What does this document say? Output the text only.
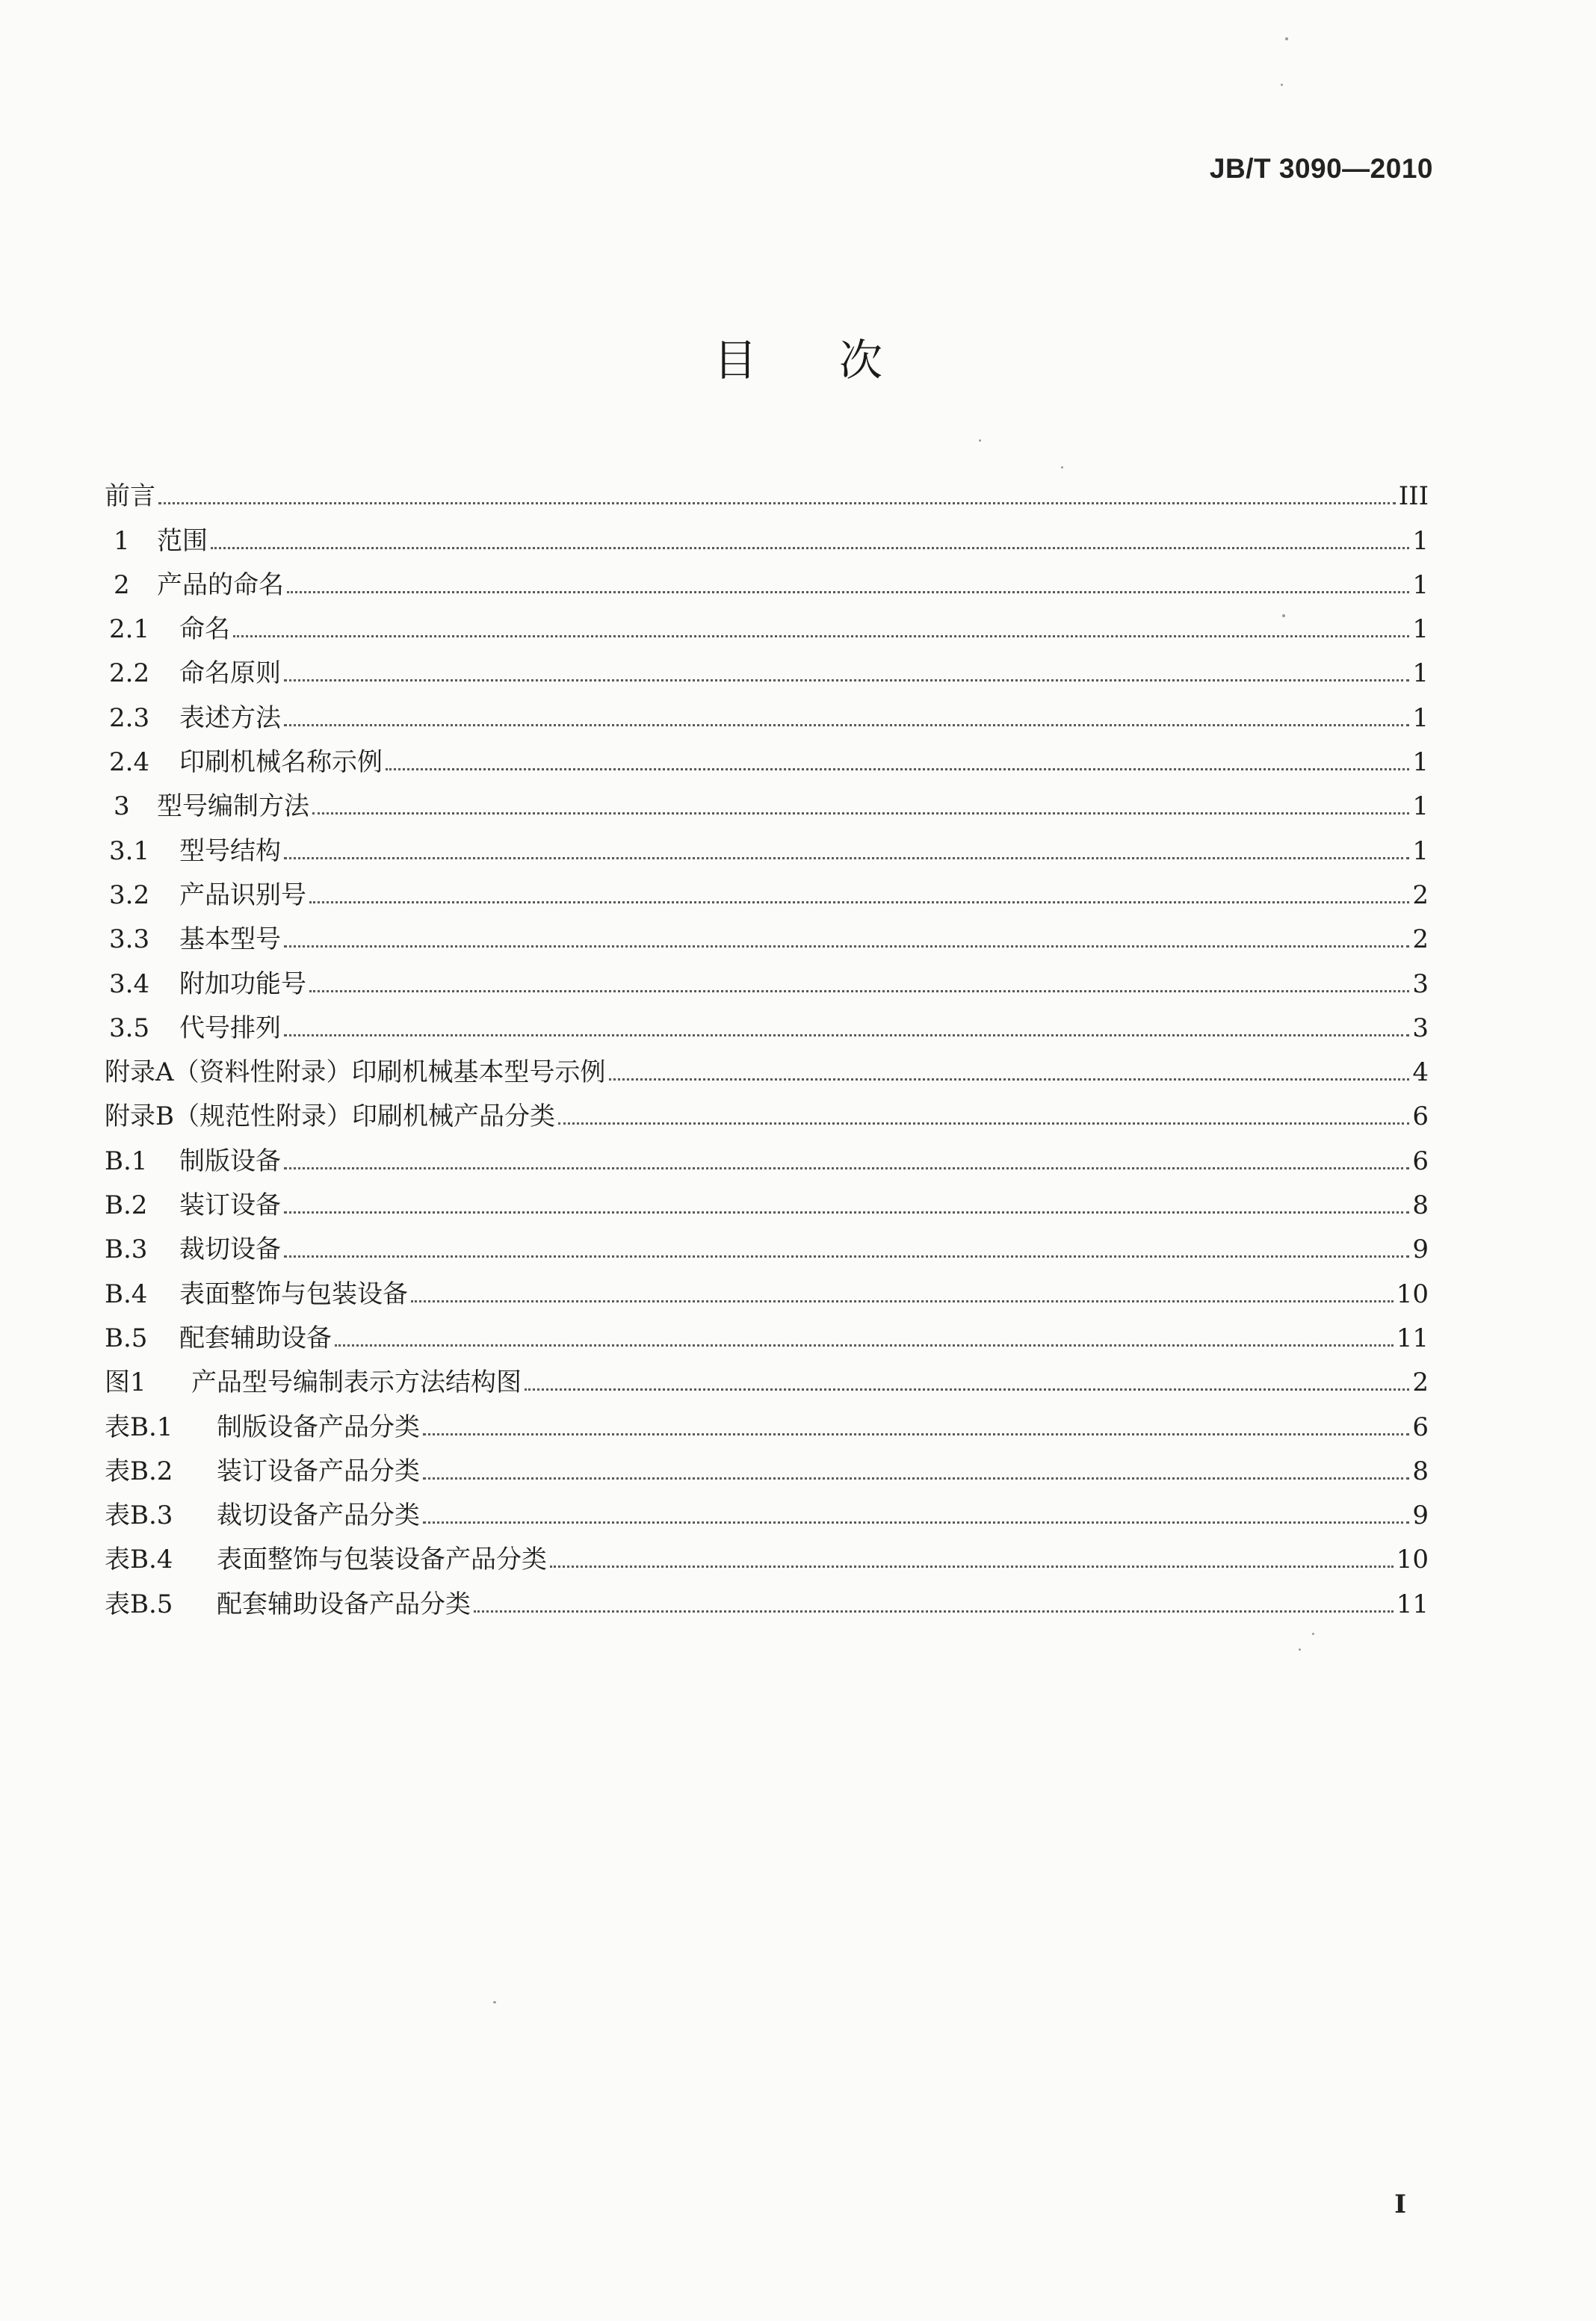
JB/T 3090—2010
目次
前言	III
1	范围	1
2	产品的命名	1
2.1	命名	1
2.2	命名原则	1
2.3	表述方法	1
2.4	印刷机械名称示例	1
3	型号编制方法	1
3.1	型号结构	1
3.2	产品识别号	2
3.3	基本型号	2
3.4	附加功能号	3
3.5	代号排列	3
附录A（资料性附录）印刷机械基本型号示例	4
附录B（规范性附录）印刷机械产品分类	6
B.1	制版设备	6
B.2	装订设备	8
B.3	裁切设备	9
B.4	表面整饰与包装设备	10
B.5	配套辅助设备	11
图1	产品型号编制表示方法结构图	2
表B.1	制版设备产品分类	6
表B.2	装订设备产品分类	8
表B.3	裁切设备产品分类	9
表B.4	表面整饰与包装设备产品分类	10
表B.5	配套辅助设备产品分类	11
I
